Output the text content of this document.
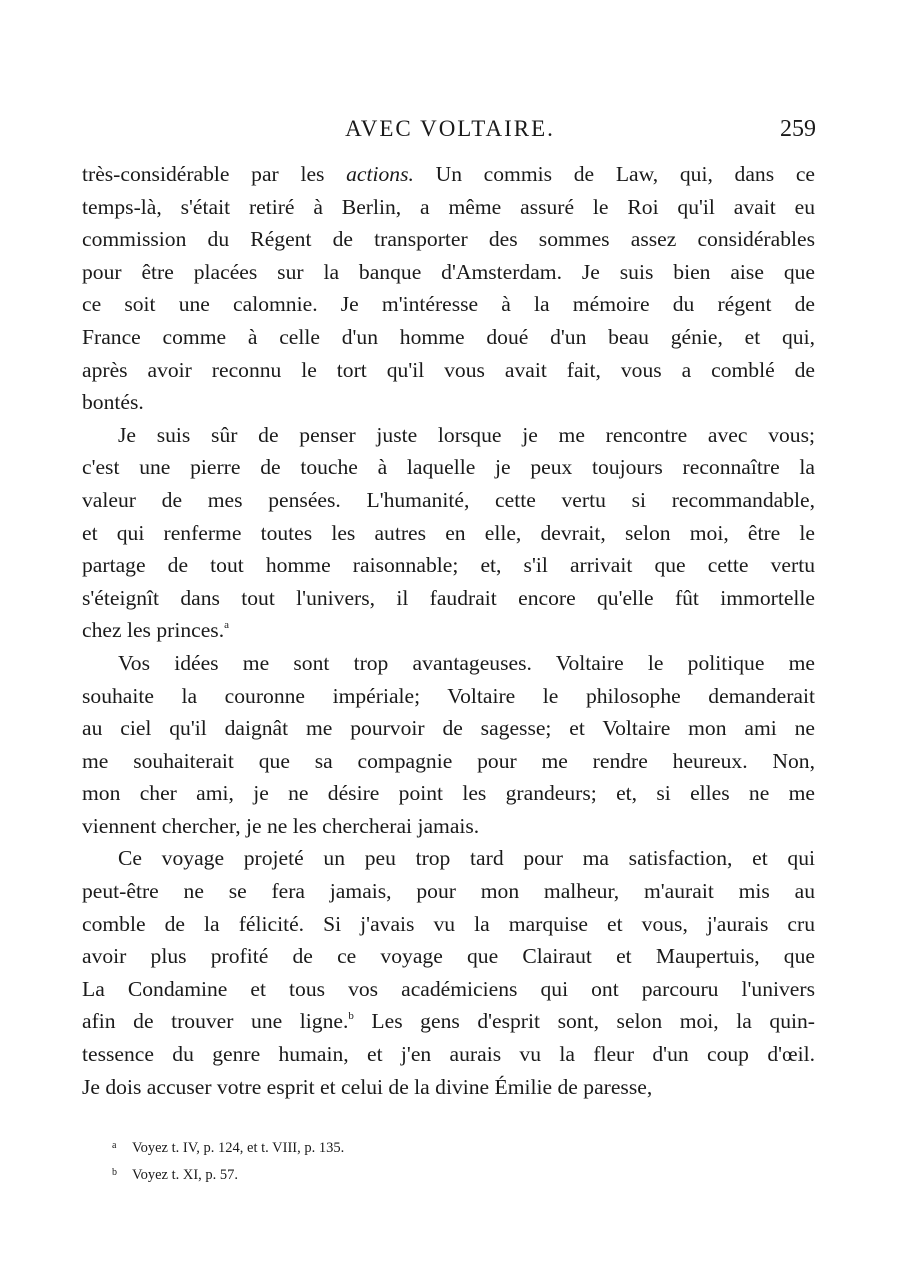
AVEC VOLTAIRE.	259
très-considérable par les actions. Un commis de Law, qui, dans ce
temps-là, s'était retiré à Berlin, a même assuré le Roi qu'il avait eu
commission du Régent de transporter des sommes assez considérables
pour être placées sur la banque d'Amsterdam. Je suis bien aise que
ce soit une calomnie. Je m'intéresse à la mémoire du régent de
France comme à celle d'un homme doué d'un beau génie, et qui,
après avoir reconnu le tort qu'il vous avait fait, vous a comblé de
bontés.
Je suis sûr de penser juste lorsque je me rencontre avec vous;
c'est une pierre de touche à laquelle je peux toujours reconnaître la
valeur de mes pensées. L'humanité, cette vertu si recommandable,
et qui renferme toutes les autres en elle, devrait, selon moi, être le
partage de tout homme raisonnable; et, s'il arrivait que cette vertu
s'éteignît dans tout l'univers, il faudrait encore qu'elle fût immortelle
chez les princes.$^a$
Vos idées me sont trop avantageuses. Voltaire le politique me
souhaite la couronne impériale; Voltaire le philosophe demanderait
au ciel qu'il daignât me pourvoir de sagesse; et Voltaire mon ami ne
me souhaiterait que sa compagnie pour me rendre heureux. Non,
mon cher ami, je ne désire point les grandeurs; et, si elles ne me
viennent chercher, je ne les chercherai jamais.
Ce voyage projeté un peu trop tard pour ma satisfaction, et qui
peut-être ne se fera jamais, pour mon malheur, m'aurait mis au
comble de la félicité. Si j'avais vu la marquise et vous, j'aurais cru
avoir plus profité de ce voyage que Clairaut et Maupertuis, que
La Condamine et tous vos académiciens qui ont parcouru l'univers
afin de trouver une ligne.$^b$ Les gens d'esprit sont, selon moi, la quin-
tessence du genre humain, et j'en aurais vu la fleur d'un coup d'œil.
Je dois accuser votre esprit et celui de la divine Émilie de paresse,
a Voyez t. IV, p. 124, et t. VIII, p. 135.
b Voyez t. XI, p. 57.
